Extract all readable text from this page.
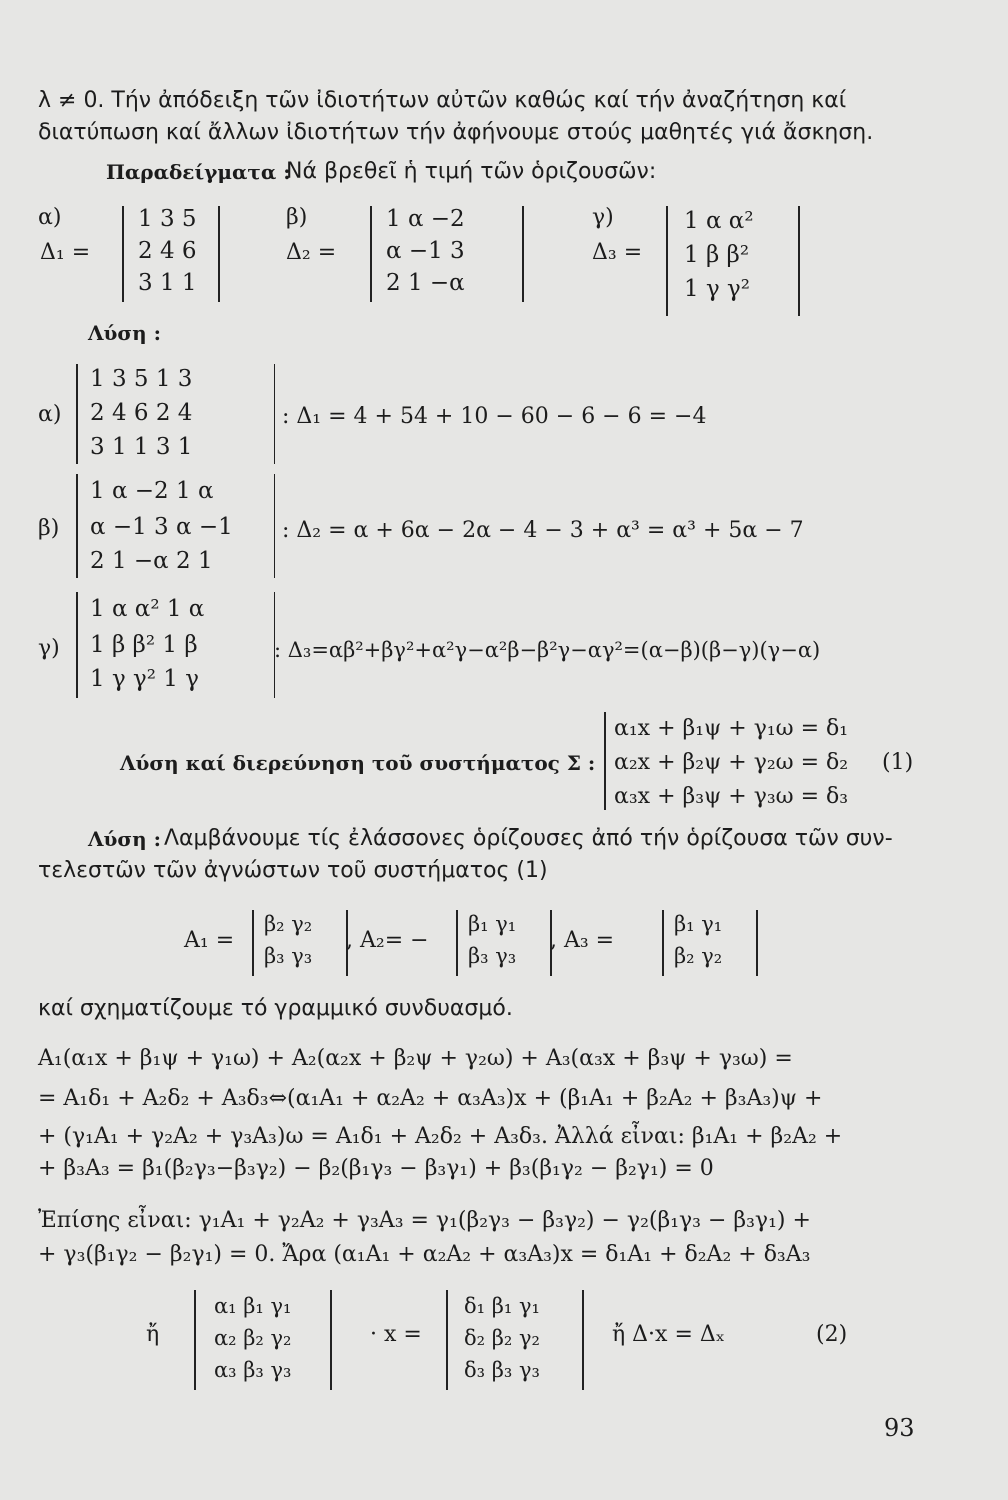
λ ≠ 0. Τήν ἀπόδειξη τῶν ἰδιοτήτων αὐτῶν καθώς καί τήν ἀναζήτηση καί
διατύπωση καί ἄλλων ἰδιοτήτων τήν ἀφήνουμε στούς μαθητές γιά ἄσκηση.
Παραδείγματα :
Νά βρεθεῖ ἡ τιμή τῶν ὁριζουσῶν:
α)
Δ₁ =
1 3 5
2 4 6
3 1 1
β)
Δ₂ =
1 α −2
α −1 3
2 1 −α
γ)
Δ₃ =
1 α α²
1 β β²
1 γ γ²
Λύση :
α)
1 3 5 1 3
2 4 6 2 4
3 1 1 3 1
: Δ₁ = 4 + 54 + 10 − 60 − 6 − 6 = −4
β)
1 α −2 1 α
α −1 3 α −1
2 1 −α 2 1
: Δ₂ = α + 6α − 2α − 4 − 3 + α³ = α³ + 5α − 7
γ)
1 α α² 1 α
1 β β² 1 β
1 γ γ² 1 γ
: Δ₃=αβ²+βγ²+α²γ−α²β−β²γ−αγ²=(α−β)(β−γ)(γ−α)
α₁x + β₁ψ + γ₁ω = δ₁
Λύση καί διερεύνηση τοῦ συστήματος Σ : α₂x + β₂ψ + γ₂ω = δ₂ (1)
α₃x + β₃ψ + γ₃ω = δ₃
Λύση : Λαμβάνουμε τίς ἐλάσσονες ὁρίζουσες ἀπό τήν ὁρίζουσα τῶν συν-
τελεστῶν τῶν ἀγνώστων τοῦ συστήματος (1)
A₁ =
β₂ γ₂
β₃ γ₃
, A₂= −
β₁ γ₁
β₃ γ₃
, A₃ =
β₁ γ₁
β₂ γ₂
καί σχηματίζουμε τό γραμμικό συνδυασμό.
A₁(α₁x + β₁ψ + γ₁ω) + A₂(α₂x + β₂ψ + γ₂ω) + A₃(α₃x + β₃ψ + γ₃ω) =
= A₁δ₁ + A₂δ₂ + A₃δ₃⇔(α₁A₁ + α₂A₂ + α₃A₃)x + (β₁A₁ + β₂A₂ + β₃A₃)ψ +
+ (γ₁A₁ + γ₂A₂ + γ₃A₃)ω = A₁δ₁ + A₂δ₂ + A₃δ₃. Ἀλλά εἶναι: β₁A₁ + β₂A₂ +
+ β₃A₃ = β₁(β₂γ₃−β₃γ₂) − β₂(β₁γ₃ − β₃γ₁) + β₃(β₁γ₂ − β₂γ₁) = 0
Ἐπίσης εἶναι: γ₁A₁ + γ₂A₂ + γ₃A₃ = γ₁(β₂γ₃ − β₃γ₂) − γ₂(β₁γ₃ − β₃γ₁) +
+ γ₃(β₁γ₂ − β₂γ₁) = 0. Ἄρα (α₁A₁ + α₂A₂ + α₃A₃)x = δ₁A₁ + δ₂A₂ + δ₃A₃
ἤ
α₁ β₁ γ₁
α₂ β₂ γ₂
α₃ β₃ γ₃
· x =
δ₁ β₁ γ₁
δ₂ β₂ γ₂
δ₃ β₃ γ₃
ἤ Δ·x = Δₓ	(2)
93
